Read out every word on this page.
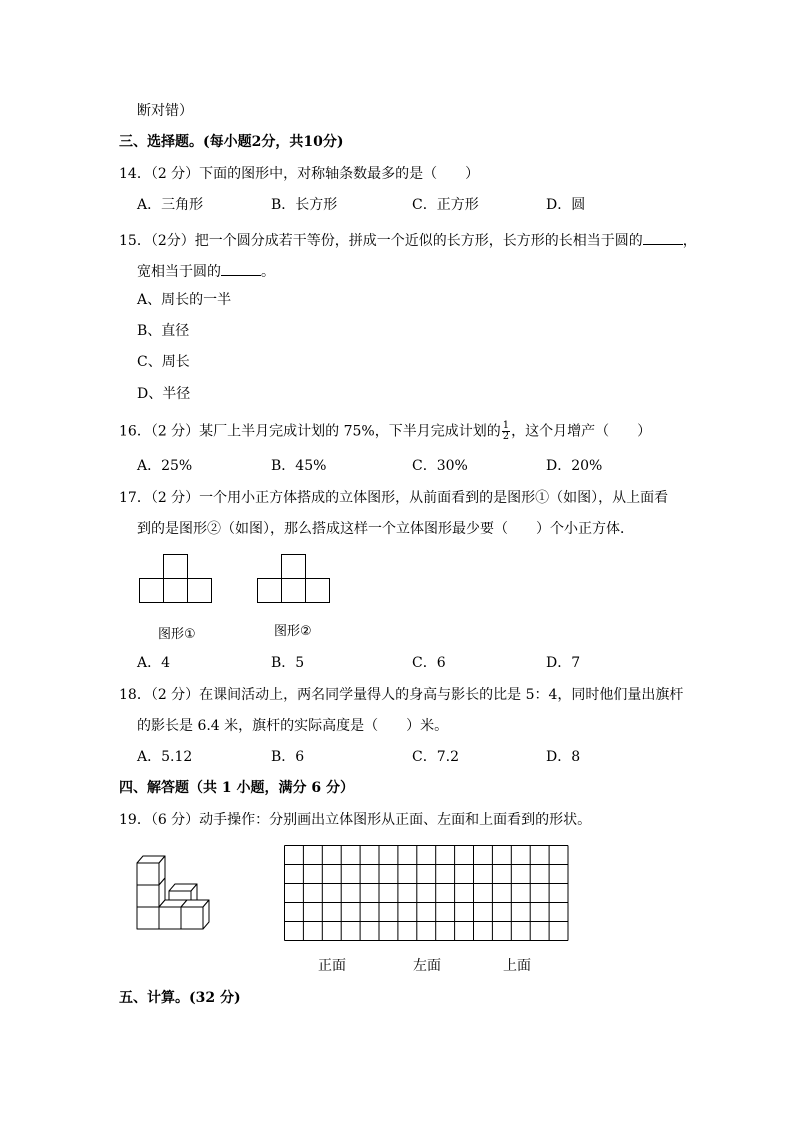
断对错）
三、选择题。(每小题2分，共10分)
14．（2 分）下面的图形中，对称轴条数最多的是（　　）
A．三角形	B．长方形	C．正方形	D．圆
15．（2分）把一个圆分成若干等份，拼成一个近似的长方形，长方形的长相当于圆的	，
宽相当于圆的	。
A、周长的一半
B、直径
C、周长
D、半径
16．（2 分）某厂上半月完成计划的 75%，下半月完成计划的 $\frac{1}{2}$ ，这个月增产（　　）
A．25%	B．45%	C．30%	D．20%
17．（2 分）一个用小正方体搭成的立体图形，从前面看到的是图形①（如图），从上面看
到的是图形②（如图），那么搭成这样一个立体图形最少要（　　）个小正方体．
图形①	图形②
A．4	B．5	C．6	D．7
18．（2 分）在课间活动上，两名同学量得人的身高与影长的比是 5：4，同时他们量出旗杆
的影长是 6.4 米，旗杆的实际高度是（　　）米。
A．5.12	B．6	C．7.2	D．8
四、解答题（共 1 小题，满分 6 分）
19．（6 分）动手操作：分别画出立体图形从正面、左面和上面看到的形状。
正面	左面	上面
五、计算。(32 分)
